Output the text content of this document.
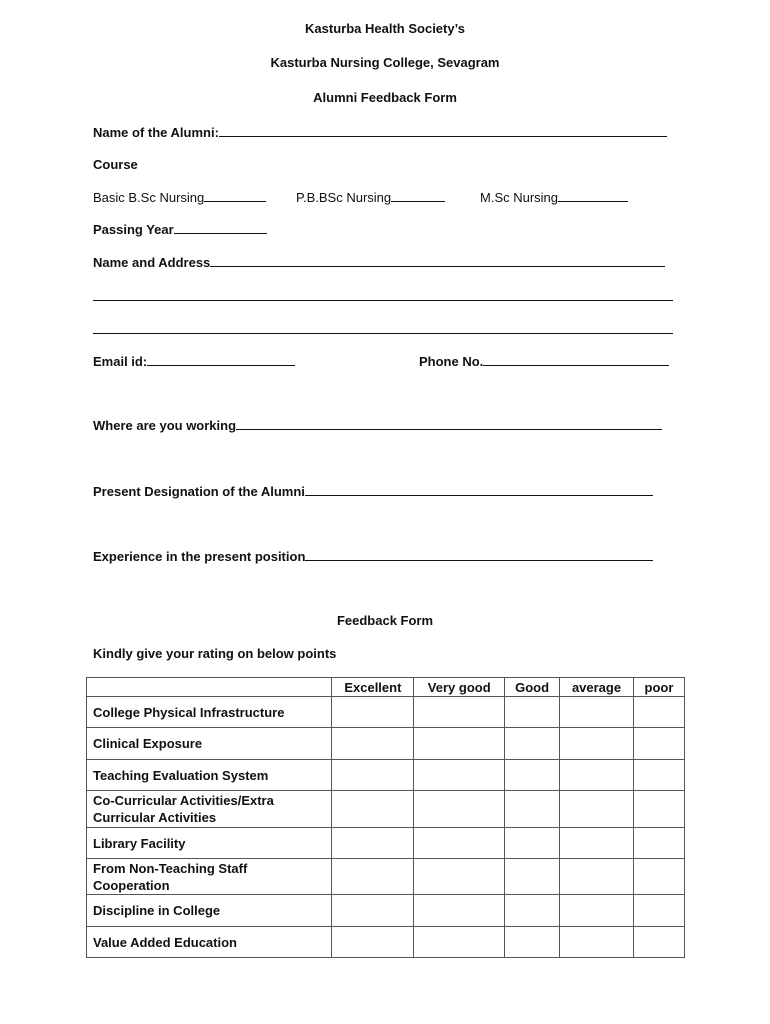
Kasturba Health Society’s
Kasturba Nursing College, Sevagram
Alumni Feedback Form
Name of the Alumni:
Course
Basic B.Sc Nursing	P.B.BSc Nursing	M.Sc Nursing
Passing Year
Name and Address
Email id:	Phone No.
Where are you working
Present Designation of the Alumni
Experience in the present position
Feedback Form
Kindly give your rating on below points
	Excellent	Very good	Good	average	poor
College Physical Infrastructure					
Clinical Exposure					
Teaching Evaluation System					
Co-Curricular Activities/Extra Curricular Activities					
Library Facility					
From Non-Teaching Staff Cooperation					
Discipline in College					
Value Added Education					
